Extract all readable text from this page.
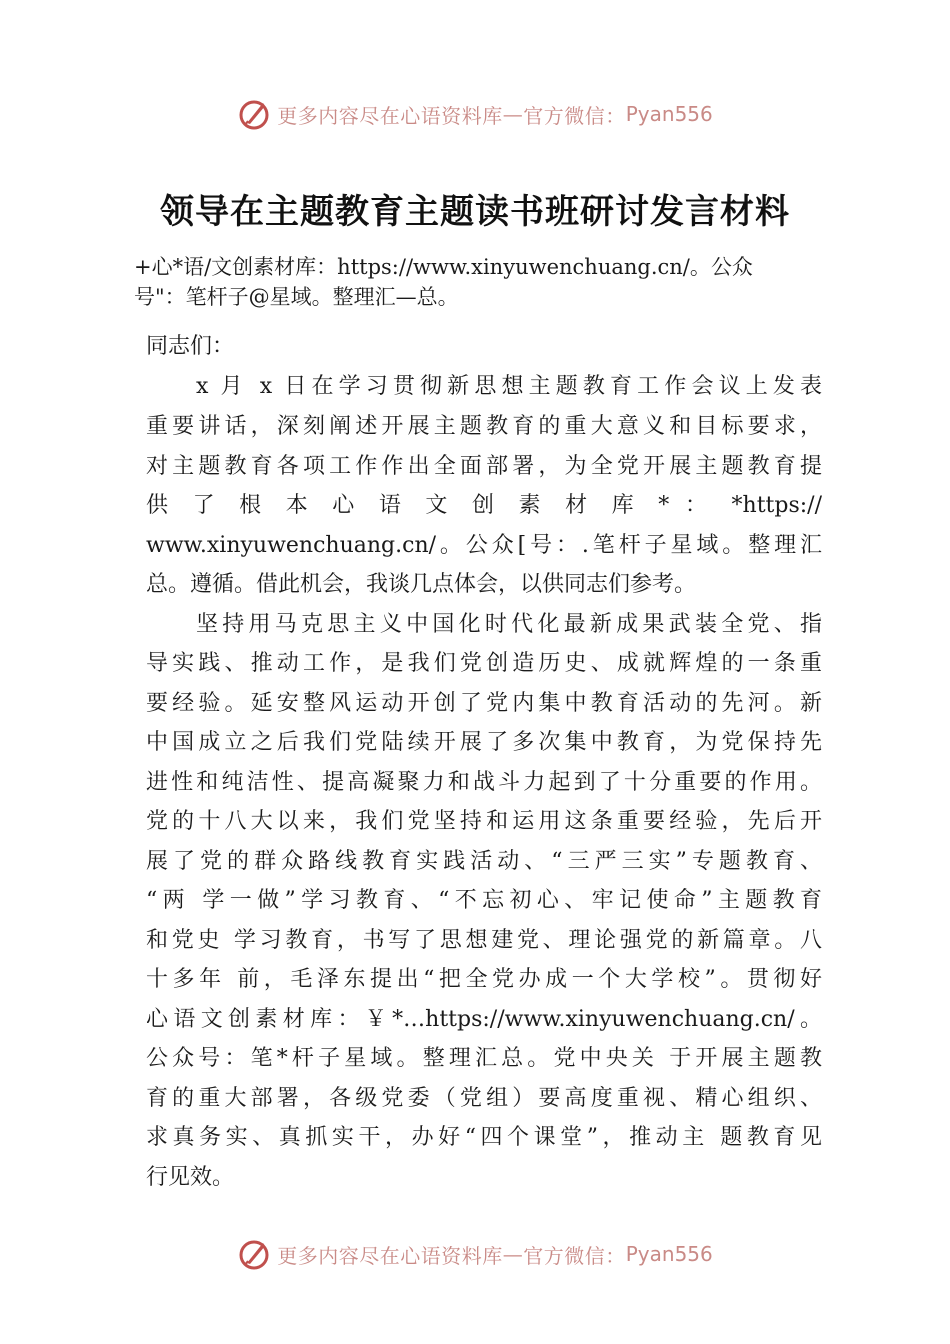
更多内容尽在心语资料库 — 官方微信： Pyan556
领导在主题教育主题读书班研讨发言材料
+心*语/文创素材库：https://www.xinyuwenchuang.cn/。公众
号"：笔杆子@星域。整理汇—总。
同志们：
x 月 x 日在学习贯彻新思想主题教育工作会议上发表
重要讲话，深刻阐述开展主题教育的重大意义和目标要求，
对主题教育各项工作作出全面部署，为全党开展主题教育提
供 了 根 本 心 语 文 创 素 材 库 * ： *https://
www.xinyuwenchuang.cn/。公众[号：.笔杆子星域。整理汇
总。遵循。借此机会，我谈几点体会，以供同志们参考。
坚持用马克思主义中国化时代化最新成果武装全党、指
导实践、推动工作，是我们党创造历史、成就辉煌的一条重
要经验。延安整风运动开创了党内集中教育活动的先河。新
中国成立之后我们党陆续开展了多次集中教育，为党保持先
进性和纯洁性、提高凝聚力和战斗力起到了十分重要的作用。
党的十八大以来，我们党坚持和运用这条重要经验，先后开
展了党的群众路线教育实践活动、“三严三实”专题教育、
“两 学一做”学习教育、“不忘初心、牢记使命”主题教育
和党史 学习教育，书写了思想建党、理论强党的新篇章。八
十多年 前，毛泽东提出“把全党办成一个大学校”。贯彻好
心语文创素材库：￥*…https://www.xinyuwenchuang.cn/。
公众号：笔*杆子星域。整理汇总。党中央关 于开展主题教
育的重大部署，各级党委（党组）要高度重视、精心组织、
求真务实、真抓实干，办好“四个课堂”，推动主 题教育见
行见效。
更多内容尽在心语资料库 — 官方微信： Pyan556
